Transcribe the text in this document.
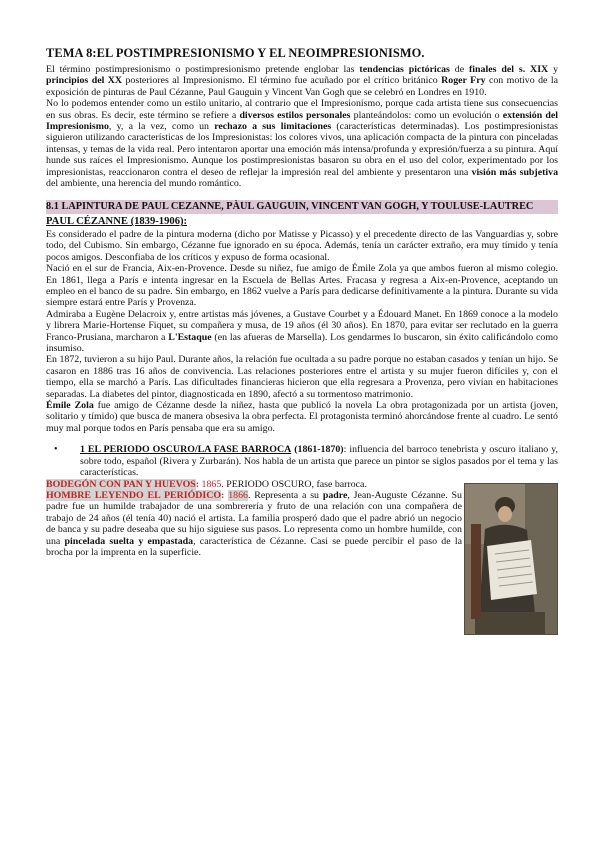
TEMA 8:EL POSTIMPRESIONISMO Y EL NEOIMPRESIONISMO.

El término postimpresionismo o postimpresionismo pretende englobar las tendencias pictóricas de finales del s. XIX y principios del XX posteriores al Impresionismo. El término fue acuñado por el crítico británico Roger Fry con motivo de la exposición de pinturas de Paul Cézanne, Paul Gauguin y Vincent Van Gogh que se celebró en Londres en 1910.

No lo podemos entender como un estilo unitario, al contrario que el Impresionismo, porque cada artista tiene sus consecuencias en sus obras. Es decir, este término se refiere a diversos estilos personales planteándolos: como un evolución o extensión del Impresionismo, y, a la vez, como un rechazo a sus limitaciones (características determinadas). Los postimpresionistas siguieron utilizando características de los Impresionistas: los colores vivos, una aplicación compacta de la pintura con pinceladas intensas, y temas de la vida real. Pero intentaron aportar una emoción más intensa/profunda y expresión/fuerza a su pintura. Aquí hunde sus raíces el Impresionismo. Aunque los postimpresionistas basaron su obra en el uso del color, experimentado por los impresionistas, reaccionaron contra el deseo de reflejar la impresión real del ambiente y presentaron una visión más subjetiva del ambiente, una herencia del mundo romántico.

8.1 LAPINTURA DE PAUL CEZANNE, PÀUL GAUGUIN, VINCENT VAN GOGH, Y TOULUSE-LAUTREC
PAUL CÉZANNE (1839-1906):

Es considerado el padre de la pintura moderna (dicho por Matisse y Picasso) y el precedente directo de las Vanguardias y, sobre todo, del Cubismo. Sin embargo, Cézanne fue ignorado en su época. Además, tenía un carácter extraño, era muy tímido y tenía pocos amigos. Desconfiaba de los críticos y expuso de forma ocasional.

Nació en el sur de Francia, Aix-en-Provence. Desde su niñez, fue amigo de Émile Zola ya que ambos fueron al mismo colegio. En 1861, llega a París e intenta ingresar en la Escuela de Bellas Artes. Fracasa y regresa a Aix-en-Provence, aceptando un empleo en el banco de su padre. Sin embargo, en 1862 vuelve a París para dedicarse definitivamente a la pintura. Durante su vida siempre estará entre París y Provenza.

Admiraba a Eugène Delacroix y, entre artistas más jóvenes, a Gustave Courbet y a Édouard Manet. En 1869 conoce a la modelo y librera Marie-Hortense Fiquet, su compañera y musa, de 19 años (él 30 años). En 1870, para evitar ser reclutado en la guerra Franco-Prusiana, marcharon a L'Estaque (en las afueras de Marsella). Los gendarmes lo buscaron, sin éxito calificándolo como insumiso.

En 1872, tuvieron a su hijo Paul. Durante años, la relación fue ocultada a su padre porque no estaban casados y tenían un hijo. Se casaron en 1886 tras 16 años de convivencia. Las relaciones posteriores entre el artista y su mujer fueron difíciles y, con el tiempo, ella se marchó a París. Las dificultades financieras hicieron que ella regresara a Provenza, pero vivían en habitaciones separadas. La diabetes del pintor, diagnosticada en 1890, afectó a su tormentoso matrimonio.

Émile Zola fue amigo de Cézanne desde la niñez, hasta que publicó la novela La obra protagonizada por un artista (joven, solitario y tímido) que busca de manera obsesiva la obra perfecta. El protagonista terminó ahorcándose frente al cuadro. Le sentó muy mal porque todos en París pensaba que era su amigo.

•	1 EL PERIODO OSCURO/LA FASE BARROCA (1861-1870): influencia del barroco tenebrista y oscuro italiano y, sobre todo, español (Rivera y Zurbarán). Nos habla de un artista que parece un pintor se siglos pasados por el tema y las características.

BODEGÓN CON PAN Y HUEVOS: 1865. PERIODO OSCURO, fase barroca.

HOMBRE LEYENDO EL PERIÓDICO: 1866. Representa a su padre, Jean-Auguste Cézanne. Su padre fue un humilde trabajador de una sombrerería y fruto de una relación con una compañera de trabajo de 24 años (él tenía 40) nació el artista. La familia prosperó dado que el padre abrió un negocio de banca y su padre deseaba que su hijo siguiese sus pasos. Lo representa como un hombre humilde, con una pincelada suelta y empastada, característica de Cézanne. Casi se puede percibir el paso de la brocha por la imprenta en la superficie.
